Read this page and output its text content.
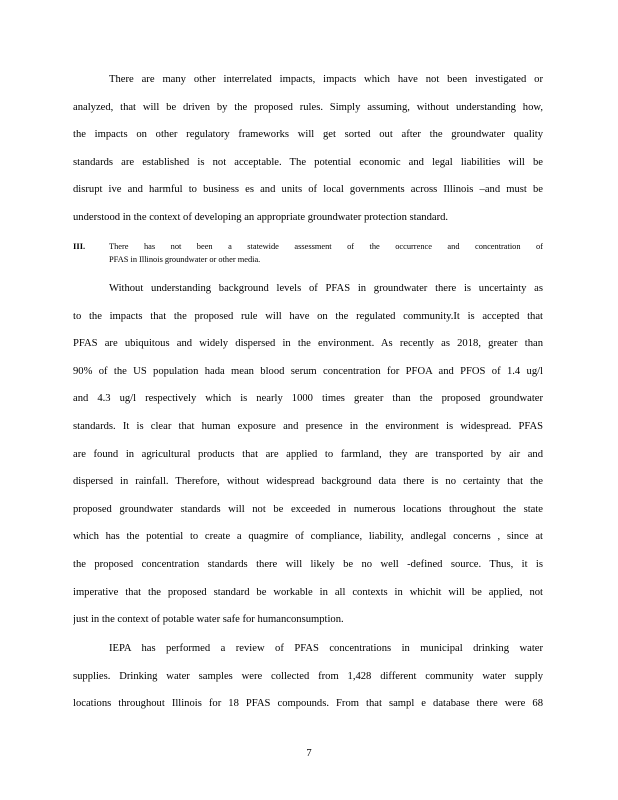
There are many other interrelated impacts, impacts which have not been investigated or
analyzed, that will be driven by the proposed rules. Simply assuming, without understanding how,
the impacts on other regulatory frameworks will get sorted out after the groundwater quality
standards are established is not acceptable. The potential economic and legal liabilities will be
disrupt ive and harmful to business es and units of local governments across Illinois –and must be
understood in the context of developing an appropriate groundwater protection standard.
III.	There has not been a statewide assessment of the occurrence and concentration of
PFAS in Illinois groundwater or other media.
Without understanding background levels of PFAS in groundwater there is uncertainty as
to the impacts that the proposed rule will have on the regulated community.It is accepted that
PFAS are ubiquitous and widely dispersed in the environment. As recently as 2018, greater than
90% of the US population hada mean blood serum concentration for PFOA and PFOS of 1.4 ug/l
and 4.3 ug/l respectively which is nearly 1000 times greater than the proposed groundwater
standards. It is clear that human exposure and presence in the environment is widespread. PFAS
are found in agricultural products that are applied to farmland, they are transported by air and
dispersed in rainfall. Therefore, without widespread background data there is no certainty that the
proposed groundwater standards will not be exceeded in numerous locations throughout the state
which has the potential to create a quagmire of compliance, liability, andlegal concerns , since at
the proposed concentration standards there will likely be no well -defined source. Thus, it is
imperative that the proposed standard be workable in all contexts in whichit will be applied, not
just in the context of potable water safe for humanconsumption.
IEPA has performed a review of PFAS concentrations in municipal drinking water
supplies. Drinking water samples were collected from 1,428 different community water supply
locations throughout Illinois for 18 PFAS compounds. From that sampl e database there were 68
7
